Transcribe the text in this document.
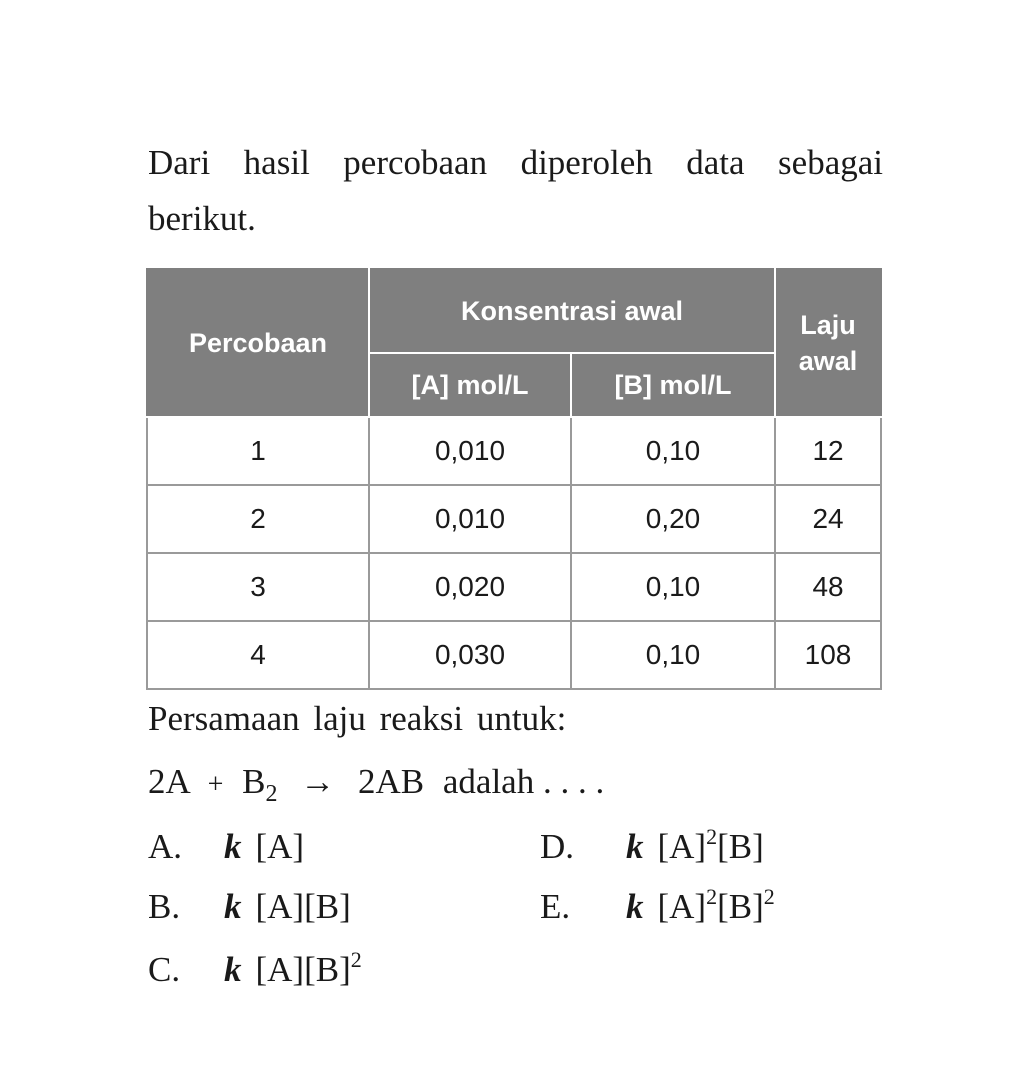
Dari hasil percobaan diperoleh data sebagai berikut.
Percobaan	Konsentrasi awal		Laju
awal

	[A] mol/L	[B] mol/L	
1	0,010	0,10	12
2	0,010	0,20	24
3	0,020	0,10	48
4	0,030	0,10	108
Persamaan laju reaksi untuk:
$2A + B_2 \to 2AB$ adalah . . . .
A. k [A]
B. k [A][B]
C. k $[A][B]^2$
D. k $[A]^2[B]$
E. k $[A]^2[B]^2$
